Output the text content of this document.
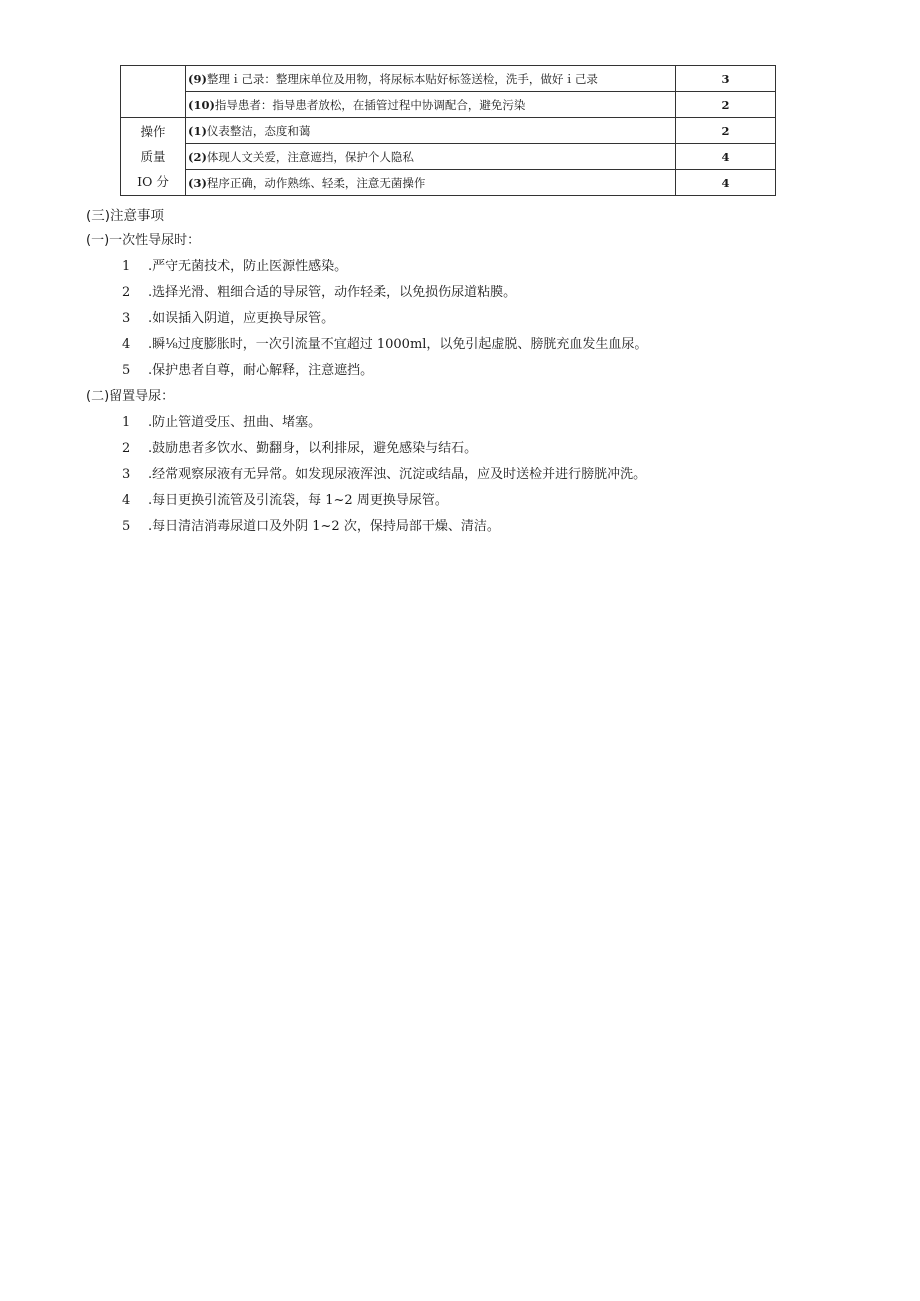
	(9)整理ｉ己录：整理床单位及用物，将尿标本贴好标签送检，洗手，做好ｉ己录	3
	(10)指导患者：指导患者放松，在插管过程中协调配合，避免污染	2

操作
质量
IO 分	(1)仪表整洁，态度和蔼	2
	(2)体现人文关爱，注意遮挡，保护个人隐私	4
	(3)程序正确，动作熟练、轻柔，注意无菌操作	4
(三)注意事项
(一)一次性导尿时：
1 .严守无菌技术，防止医源性感染。
2 .选择光滑、粗细合适的导尿管，动作轻柔，以免损伤尿道粘膜。
3 .如误插入阴道，应更换导尿管。
4 .瞬⅛过度膨胀时，一次引流量不宜超过 1000ml，以免引起虚脱、膀胱充血发生血尿。
5 .保护患者自尊，耐心解释，注意遮挡。
(二)留置导尿：
1 .防止管道受压、扭曲、堵塞。
2 .鼓励患者多饮水、勤翻身，以利排尿，避免感染与结石。
3 .经常观察尿液有无异常。如发现尿液浑浊、沉淀或结晶，应及时送检并进行膀胱冲洗。
4 .每日更换引流管及引流袋，每 1~2 周更换导尿管。
5 .每日清洁消毒尿道口及外阴 1~2 次，保持局部干燥、清洁。
